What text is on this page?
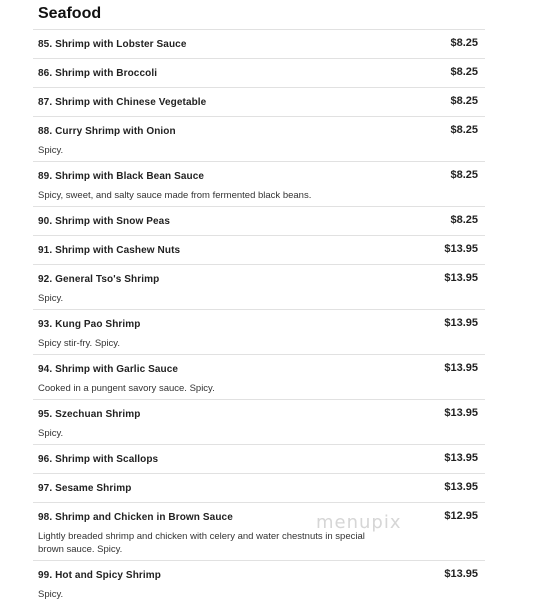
Seafood
85. Shrimp with Lobster Sauce	$8.25
86. Shrimp with Broccoli	$8.25
87. Shrimp with Chinese Vegetable	$8.25
88. Curry Shrimp with Onion	$8.25
Spicy.
89. Shrimp with Black Bean Sauce	$8.25
Spicy, sweet, and salty sauce made from fermented black beans.
90. Shrimp with Snow Peas	$8.25
91. Shrimp with Cashew Nuts	$13.95
92. General Tso's Shrimp	$13.95
Spicy.
93. Kung Pao Shrimp	$13.95
Spicy stir-fry. Spicy.
94. Shrimp with Garlic Sauce	$13.95
Cooked in a pungent savory sauce. Spicy.
95. Szechuan Shrimp	$13.95
Spicy.
96. Shrimp with Scallops	$13.95
97. Sesame Shrimp	$13.95
98. Shrimp and Chicken in Brown Sauce	$12.95
Lightly breaded shrimp and chicken with celery and water chestnuts in special brown sauce. Spicy.
99. Hot and Spicy Shrimp	$13.95
Spicy.
menupix
